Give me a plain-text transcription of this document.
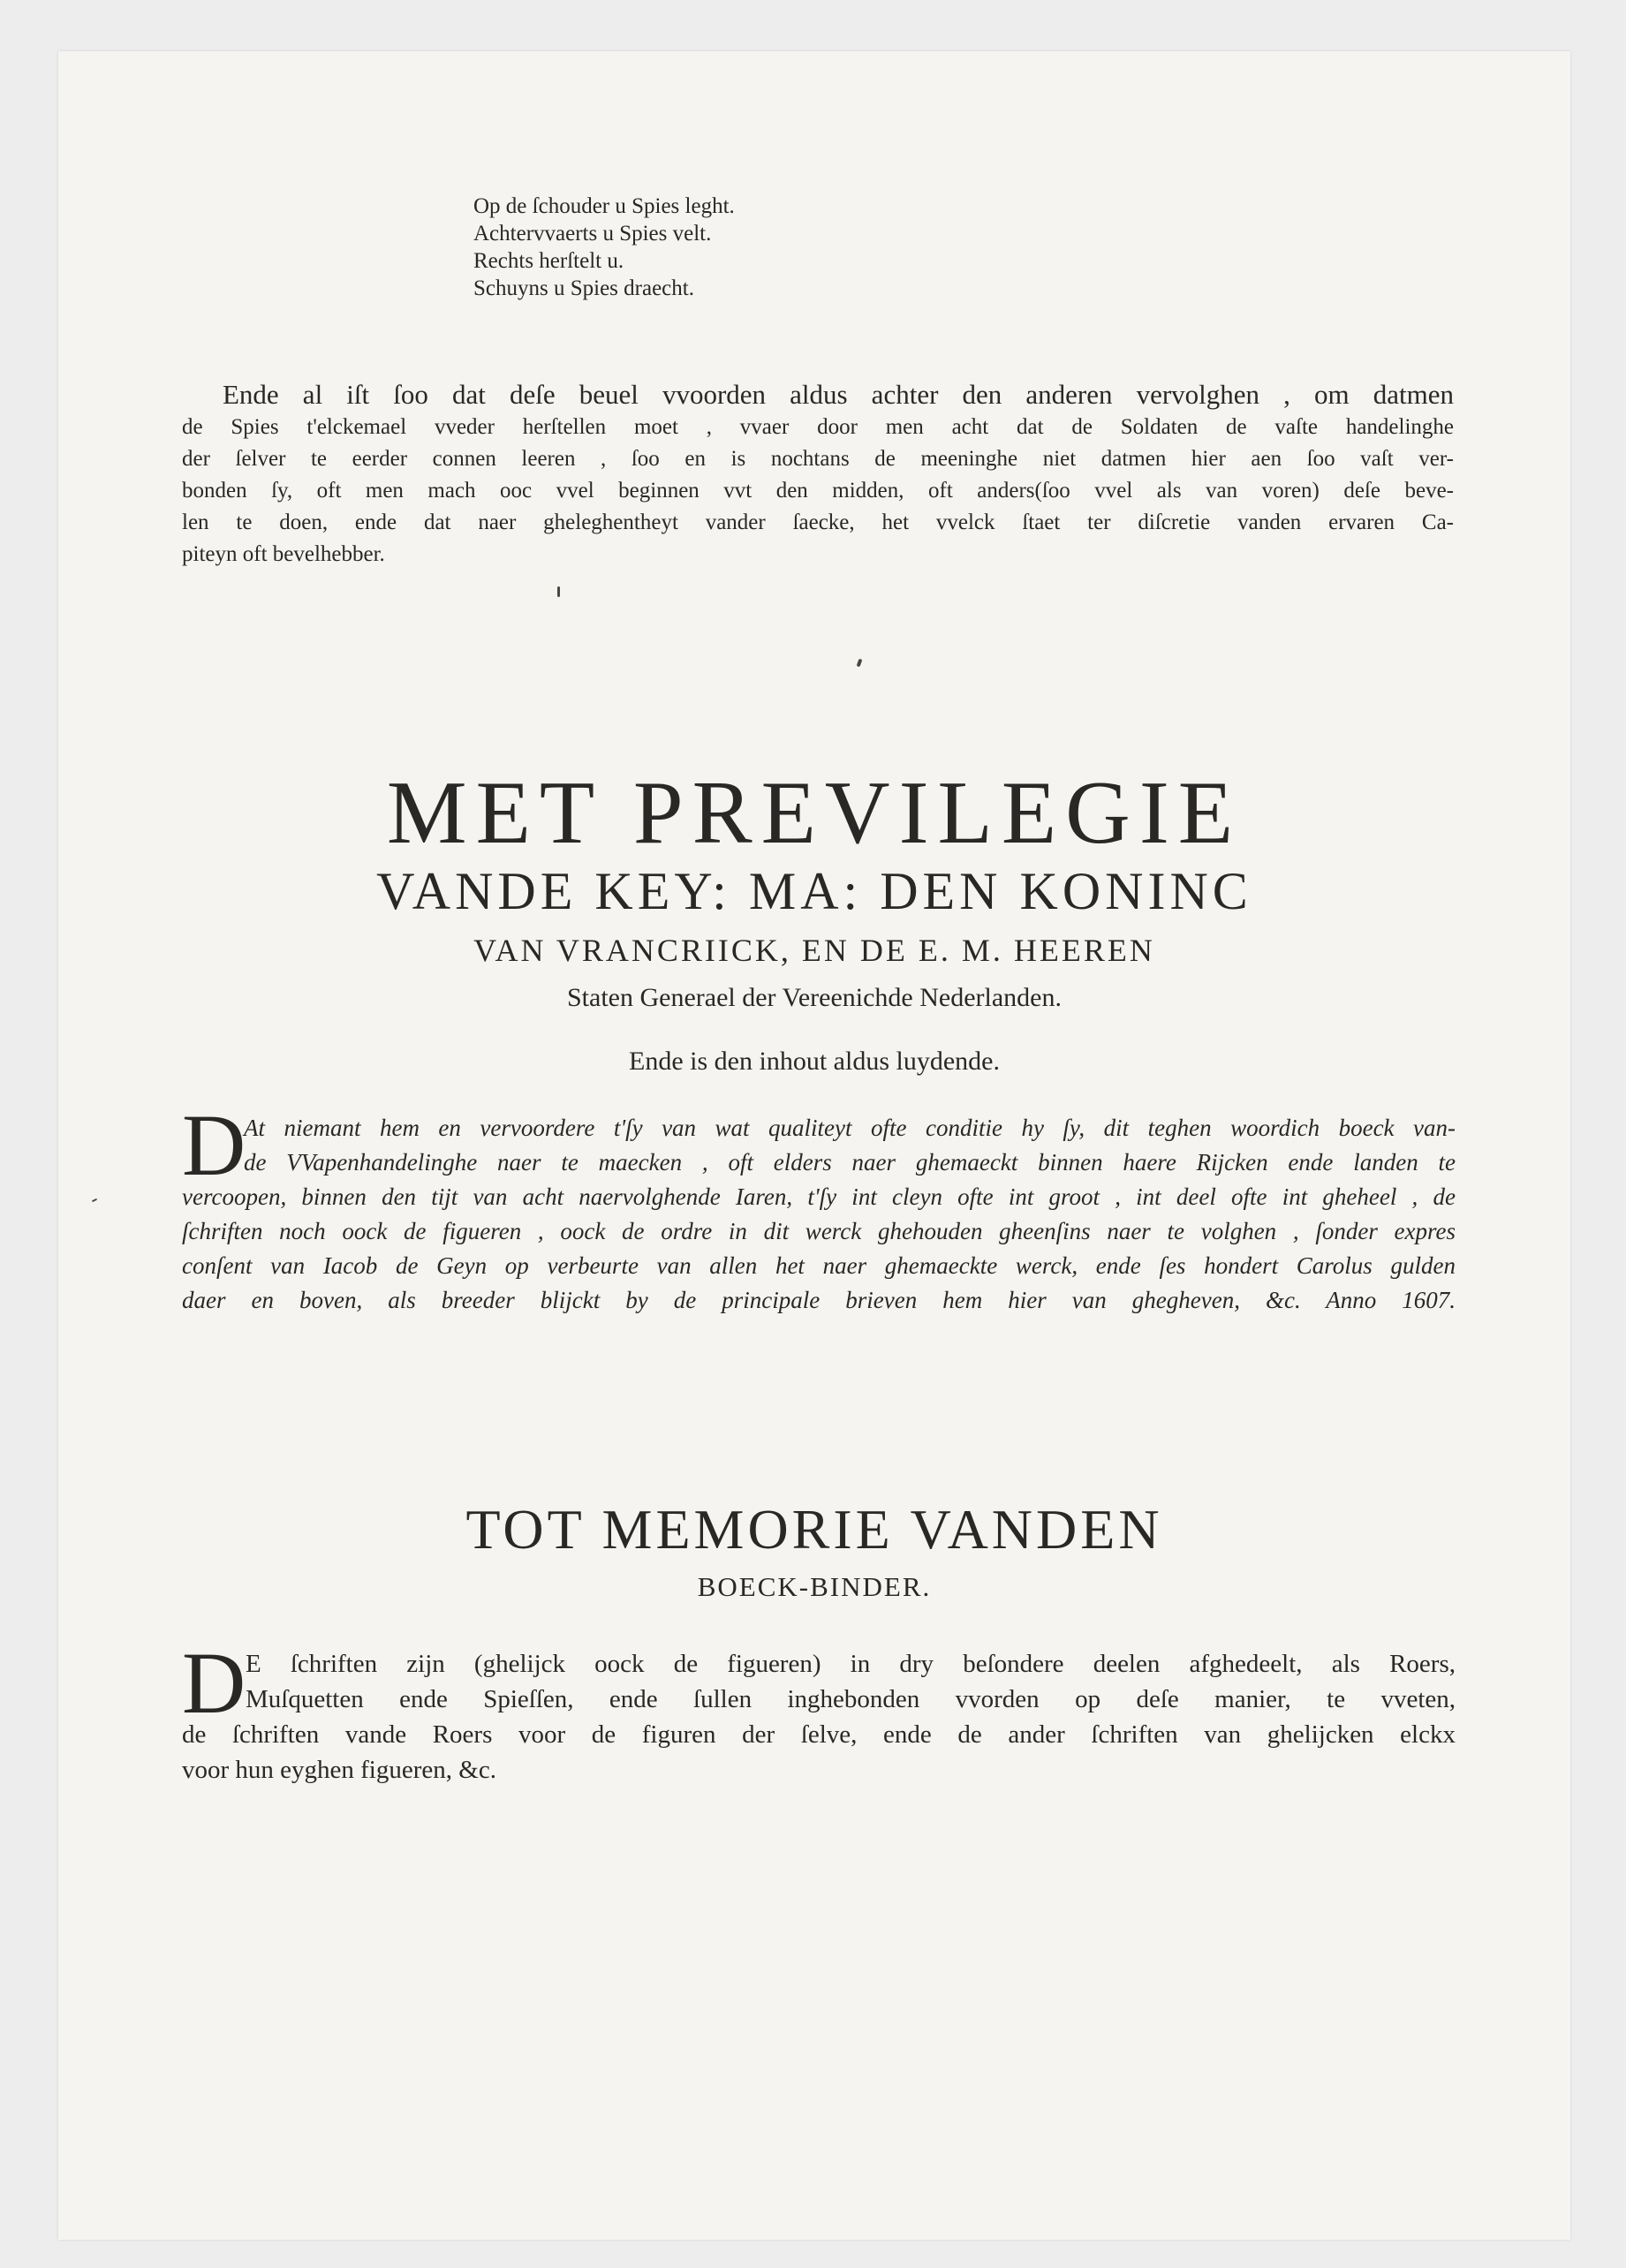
Op de ſchouder u Spies leght.
Achtervvaerts u Spies velt.
Rechts herſtelt u.
Schuyns u Spies draecht.
Ende al iſt ſoo dat deſe beuel vvoorden aldus achter den anderen vervolghen , om datmen
de Spies t'elckemael vveder herſtellen moet , vvaer door men acht dat de Soldaten de vaſte handelinghe
der ſelver te eerder connen leeren , ſoo en is nochtans de meeninghe niet datmen hier aen ſoo vaſt ver-
bonden ſy, oft men mach ooc vvel beginnen vvt den midden, oft anders(ſoo vvel als van voren) deſe beve-
len te doen, ende dat naer gheleghentheyt vander ſaecke, het vvelck ſtaet ter diſcretie vanden ervaren Ca-
piteyn oft bevelhebber.
MET PREVILEGIE
VANDE KEY: MA: DEN KONINC
VAN VRANCRIICK, EN DE E. M. HEEREN
Staten Generael der Vereenichde Nederlanden.
Ende is den inhout aldus luydende.
D
At niemant hem en vervoordere t'ſy van wat qualiteyt ofte conditie hy ſy, dit teghen woordich boeck van-
de VVapenhandelinghe naer te maecken , oft elders naer ghemaeckt binnen haere Rijcken ende landen te
vercoopen, binnen den tijt van acht naervolghende Iaren, t'ſy int cleyn ofte int groot , int deel ofte int gheheel , de
ſchriften noch oock de figueren , oock de ordre in dit werck ghehouden gheenſins naer te volghen , ſonder expres
conſent van Iacob de Geyn op verbeurte van allen het naer ghemaeckte werck, ende ſes hondert Carolus gulden
daer en boven, als breeder blijckt by de principale brieven hem hier van ghegheven, &c. Anno 1607.
TOT MEMORIE VANDEN
BOECK-BINDER.
D E ſchriften zijn (ghelijck oock de figueren) in dry beſondere deelen afghedeelt, als Roers,
Muſquetten ende Spieſſen, ende ſullen inghebonden vvorden op deſe manier, te vveten,
de ſchriften vande Roers voor de figuren der ſelve, ende de ander ſchriften van ghelijcken elckx
voor hun eyghen figueren, &c.
